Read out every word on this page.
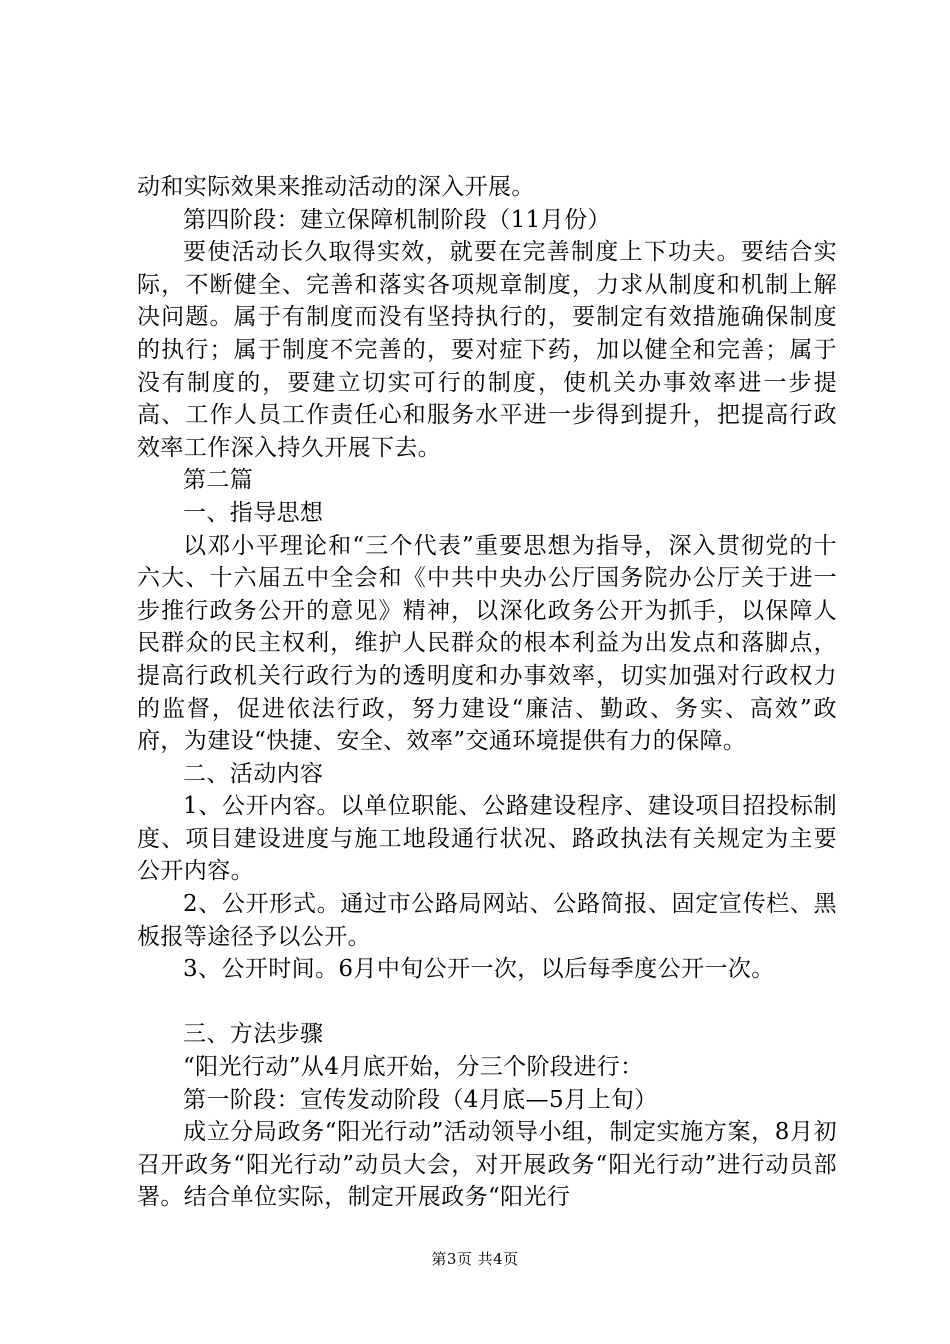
动和实际效果来推动活动的深入开展。

第四阶段：建立保障机制阶段（11月份）

要使活动长久取得实效，就要在完善制度上下功夫。要结合实际，不断健全、完善和落实各项规章制度，力求从制度和机制上解决问题。属于有制度而没有坚持执行的，要制定有效措施确保制度的执行；属于制度不完善的，要对症下药，加以健全和完善；属于没有制度的，要建立切实可行的制度，使机关办事效率进一步提高、工作人员工作责任心和服务水平进一步得到提升，把提高行政效率工作深入持久开展下去。

第二篇

一、指导思想

以邓小平理论和“三个代表”重要思想为指导，深入贯彻党的十六大、十六届五中全会和《中共中央办公厅国务院办公厅关于进一步推行政务公开的意见》精神，以深化政务公开为抓手，以保障人民群众的民主权利，维护人民群众的根本利益为出发点和落脚点，提高行政机关行政行为的透明度和办事效率，切实加强对行政权力的监督，促进依法行政，努力建设“廉洁、勤政、务实、高效”政府，为建设“快捷、安全、效率”交通环境提供有力的保障。

二、活动内容

1、公开内容。以单位职能、公路建设程序、建设项目招投标制度、项目建设进度与施工地段通行状况、路政执法有关规定为主要公开内容。

2、公开形式。通过市公路局网站、公路简报、固定宣传栏、黑板报等途径予以公开。

3、公开时间。6月中旬公开一次，以后每季度公开一次。

三、方法步骤

“阳光行动”从4月底开始，分三个阶段进行：

第一阶段：宣传发动阶段（4月底—5月上旬）

成立分局政务“阳光行动”活动领导小组，制定实施方案，8月初召开政务“阳光行动”动员大会，对开展政务“阳光行动”进行动员部署。结合单位实际，制定开展政务“阳光行

第3页 共4页
